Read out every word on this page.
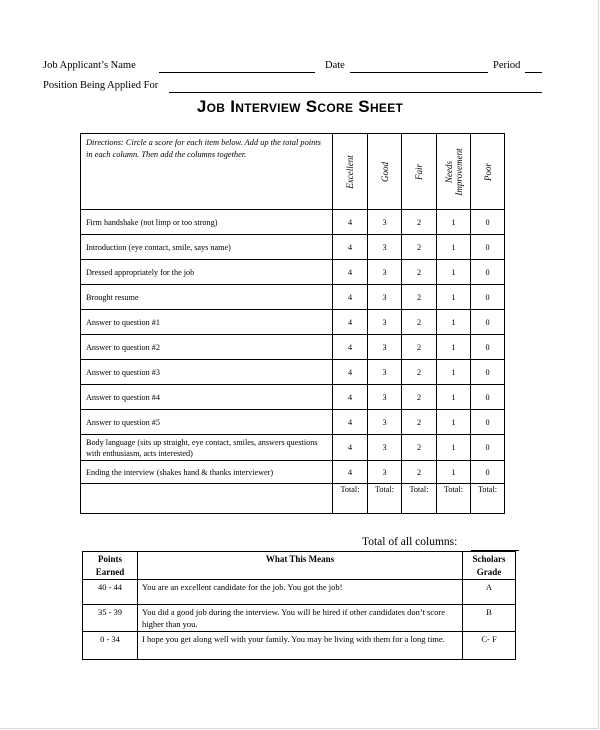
Job Applicant’s Name	Date	Period
Position Being Applied For
Job Interview Score Sheet
Directions: Circle a score for each item below. Add up the total points in each column. Then add the columns together.	Excellent	Good	Fair	Needs Improvement	Poor

Firm handshake (not limp or too strong)	4	3	2	1	0
Introduction (eye contact, smile, says name)	4	3	2	1	0
Dressed appropriately for the job	4	3	2	1	0
Brought resume	4	3	2	1	0
Answer to question #1	4	3	2	1	0
Answer to question #2	4	3	2	1	0
Answer to question #3	4	3	2	1	0
Answer to question #4	4	3	2	1	0
Answer to question #5	4	3	2	1	0
Body language (sits up straight, eye contact, smiles, answers questions with enthusiasm, acts interested)	4	3	2	1	0
Ending the interview (shakes hand & thanks interviewer)	4	3	2	1	0
	Total:	Total:	Total:	Total:	Total:
Total of all columns:
Points Earned	What This Means	Scholars Grade
40 - 44	You are an excellent candidate for the job. You got the job!	A
35 - 39	You did a good job during the interview. You will be hired if other candidates don’t score higher than you.	B
0 - 34	I hope you get along well with your family. You may be living with them for a long time.	C- F
